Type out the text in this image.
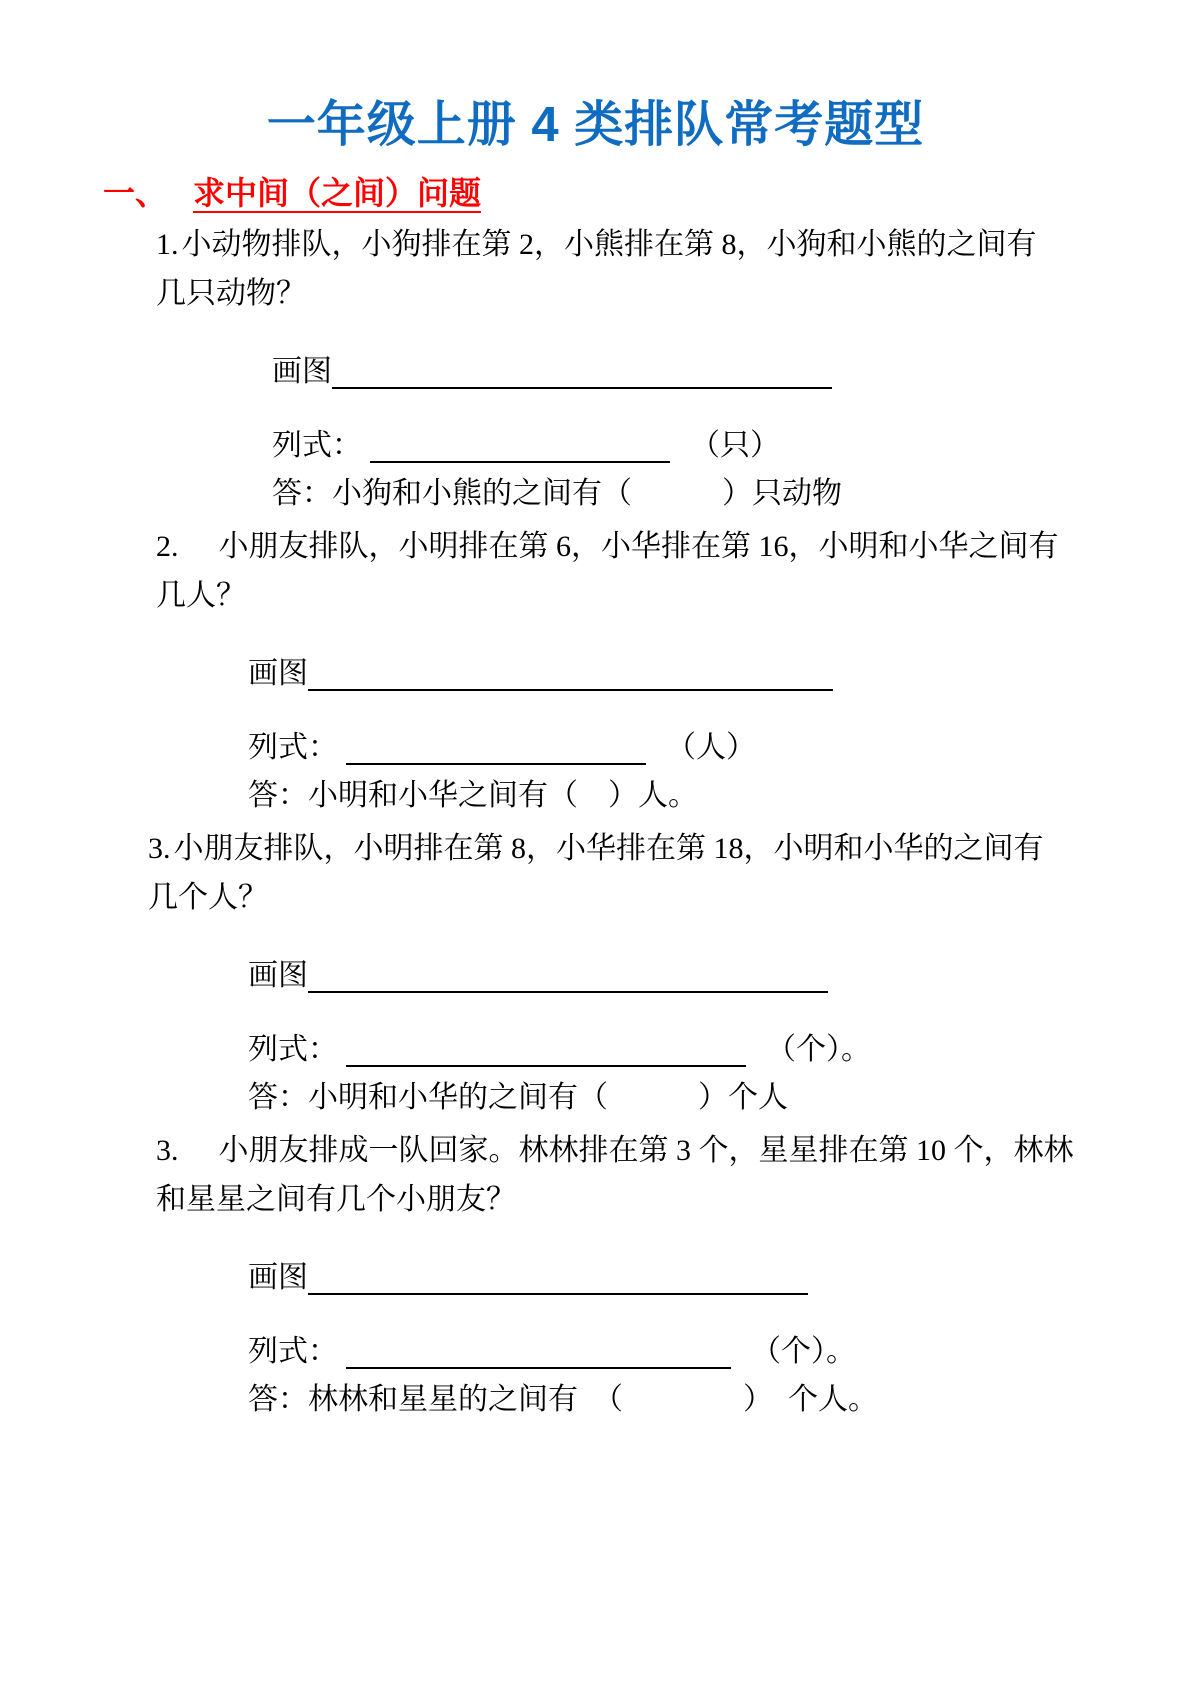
一年级上册 4 类排队常考题型
一、 求中间（之间）问题

1. 小动物排队，小狗排在第 2，小熊排在第 8，小狗和小熊的之间有几只动物？

画图
列式：	（只）

答：小狗和小熊的之间有（　　　）只动物

2. 小朋友排队，小明排在第 6，小华排在第 16，小明和小华之间有几人？

画图
列式：	（人）

答：小明和小华之间有（　）人。

3. 小朋友排队，小明排在第 8，小华排在第 18，小明和小华的之间有几个人？

画图
列式：	（个）。

答：小明和小华的之间有（　　　）个人

3. 小朋友排成一队回家。林林排在第 3 个，星星排在第 10 个，林林和星星之间有几个小朋友？

画图
列式：	（个）。

答：林林和星星的之间有　（　　　　）　个人。
